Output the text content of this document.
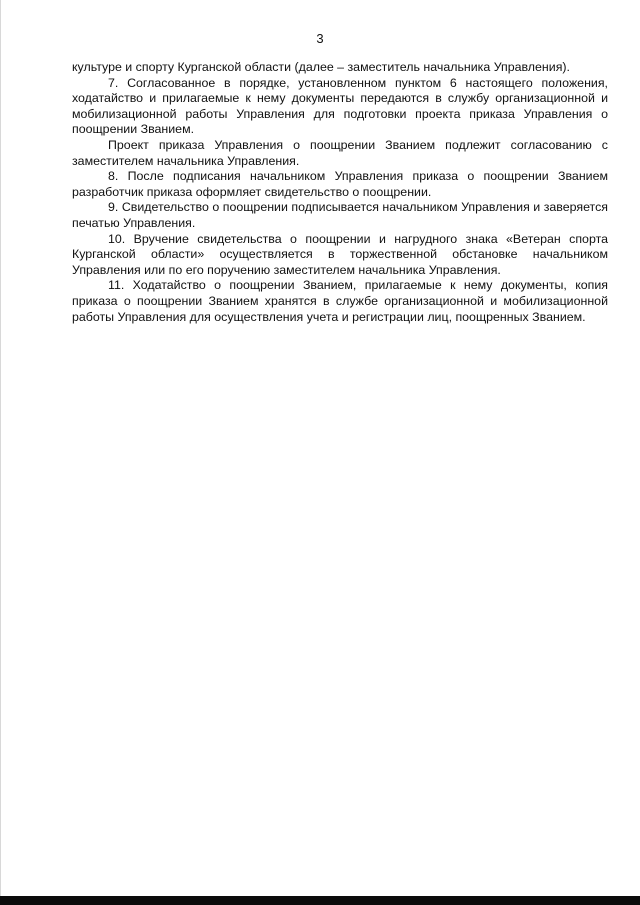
3

культуре и спорту Курганской области (далее – заместитель начальника Управления).

7. Согласованное в порядке, установленном пунктом 6 настоящего положения, ходатайство и прилагаемые к нему документы передаются в службу организационной и мобилизационной работы Управления для подготовки проекта приказа Управления о поощрении Званием.

Проект приказа Управления о поощрении Званием подлежит согласованию с заместителем начальника Управления.

8. После подписания начальником Управления приказа о поощрении Званием разработчик приказа оформляет свидетельство о поощрении.

9. Свидетельство о поощрении подписывается начальником Управления и заверяется печатью Управления.

10. Вручение свидетельства о поощрении и нагрудного знака «Ветеран спорта Курганской области» осуществляется в торжественной обстановке начальником Управления или по его поручению заместителем начальника Управления.

11. Ходатайство о поощрении Званием, прилагаемые к нему документы, копия приказа о поощрении Званием хранятся в службе организационной и мобилизационной работы Управления для осуществления учета и регистрации лиц, поощренных Званием.
